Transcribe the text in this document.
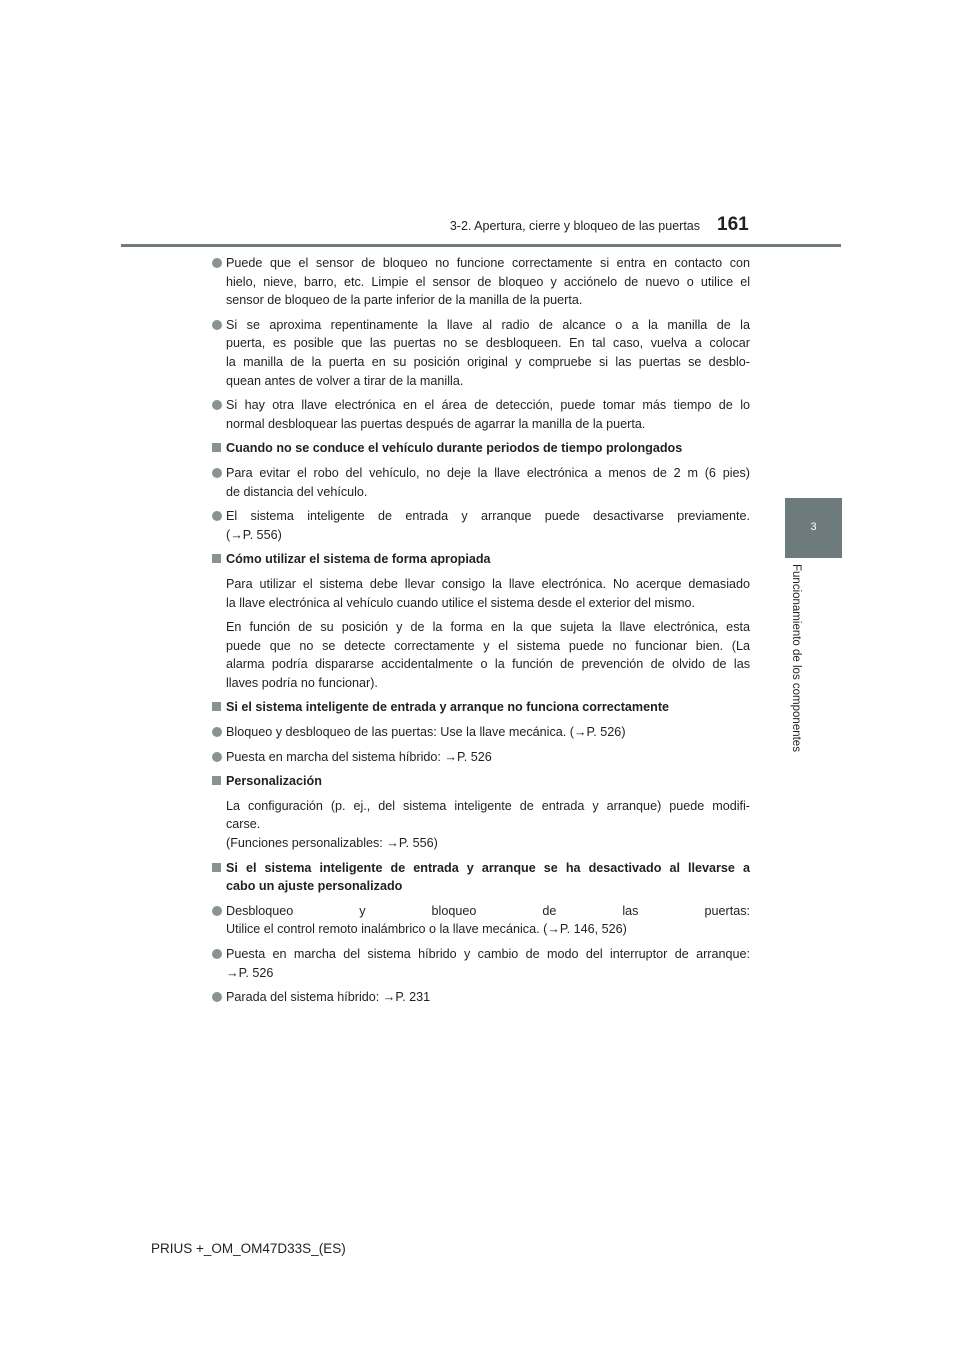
3-2. Apertura, cierre y bloqueo de las puertas 161
3
Funcionamiento de los componentes
Puede que el sensor de bloqueo no funcione correctamente si entra en contacto con
hielo, nieve, barro, etc. Limpie el sensor de bloqueo y acciónelo de nuevo o utilice el
sensor de bloqueo de la parte inferior de la manilla de la puerta.
Si se aproxima repentinamente la llave al radio de alcance o a la manilla de la
puerta, es posible que las puertas no se desbloqueen. En tal caso, vuelva a colocar
la manilla de la puerta en su posición original y compruebe si las puertas se desblo-
quean antes de volver a tirar de la manilla.
Si hay otra llave electrónica en el área de detección, puede tomar más tiempo de lo
normal desbloquear las puertas después de agarrar la manilla de la puerta.
Cuando no se conduce el vehículo durante periodos de tiempo prolongados
Para evitar el robo del vehículo, no deje la llave electrónica a menos de 2 m (6 pies)
de distancia del vehículo.
El sistema inteligente de entrada y arranque puede desactivarse previamente.
(→P. 556)
Cómo utilizar el sistema de forma apropiada
Para utilizar el sistema debe llevar consigo la llave electrónica. No acerque demasiado
la llave electrónica al vehículo cuando utilice el sistema desde el exterior del mismo.
En función de su posición y de la forma en la que sujeta la llave electrónica, esta
puede que no se detecte correctamente y el sistema puede no funcionar bien. (La
alarma podría dispararse accidentalmente o la función de prevención de olvido de las
llaves podría no funcionar).
Si el sistema inteligente de entrada y arranque no funciona correctamente
Bloqueo y desbloqueo de las puertas: Use la llave mecánica. (→P. 526)
Puesta en marcha del sistema híbrido: →P. 526
Personalización
La configuración (p. ej., del sistema inteligente de entrada y arranque) puede modifi-
carse.
(Funciones personalizables: →P. 556)
Si el sistema inteligente de entrada y arranque se ha desactivado al llevarse a
cabo un ajuste personalizado
Desbloqueo y bloqueo de las puertas:
Utilice el control remoto inalámbrico o la llave mecánica. (→P. 146, 526)
Puesta en marcha del sistema híbrido y cambio de modo del interruptor de arranque:
→P. 526
Parada del sistema híbrido: →P. 231
PRIUS +_OM_OM47D33S_(ES)
